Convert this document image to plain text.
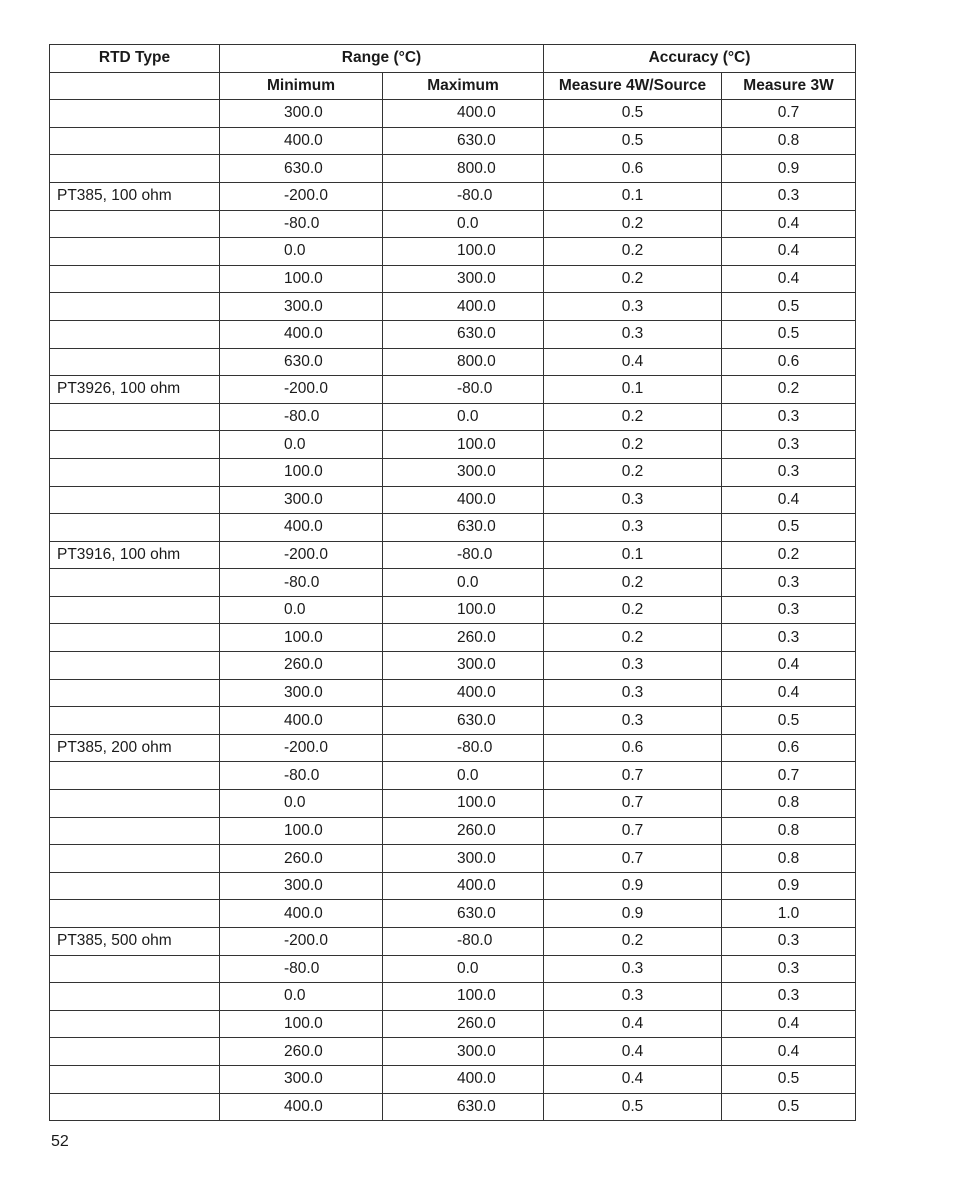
RTD Type	Range (°C)		Accuracy (°C)	
	Minimum	Maximum	Measure 4W/Source	Measure 3W
	300.0	400.0	0.5	0.7
	400.0	630.0	0.5	0.8
	630.0	800.0	0.6	0.9
PT385, 100 ohm	-200.0	-80.0	0.1	0.3
	-80.0	0.0	0.2	0.4
	0.0	100.0	0.2	0.4
	100.0	300.0	0.2	0.4
	300.0	400.0	0.3	0.5
	400.0	630.0	0.3	0.5
	630.0	800.0	0.4	0.6
PT3926, 100 ohm	-200.0	-80.0	0.1	0.2
	-80.0	0.0	0.2	0.3
	0.0	100.0	0.2	0.3
	100.0	300.0	0.2	0.3
	300.0	400.0	0.3	0.4
	400.0	630.0	0.3	0.5
PT3916, 100 ohm	-200.0	-80.0	0.1	0.2
	-80.0	0.0	0.2	0.3
	0.0	100.0	0.2	0.3
	100.0	260.0	0.2	0.3
	260.0	300.0	0.3	0.4
	300.0	400.0	0.3	0.4
	400.0	630.0	0.3	0.5
PT385, 200 ohm	-200.0	-80.0	0.6	0.6
	-80.0	0.0	0.7	0.7
	0.0	100.0	0.7	0.8
	100.0	260.0	0.7	0.8
	260.0	300.0	0.7	0.8
	300.0	400.0	0.9	0.9
	400.0	630.0	0.9	1.0
PT385, 500 ohm	-200.0	-80.0	0.2	0.3
	-80.0	0.0	0.3	0.3
	0.0	100.0	0.3	0.3
	100.0	260.0	0.4	0.4
	260.0	300.0	0.4	0.4
	300.0	400.0	0.4	0.5
	400.0	630.0	0.5	0.5
52
